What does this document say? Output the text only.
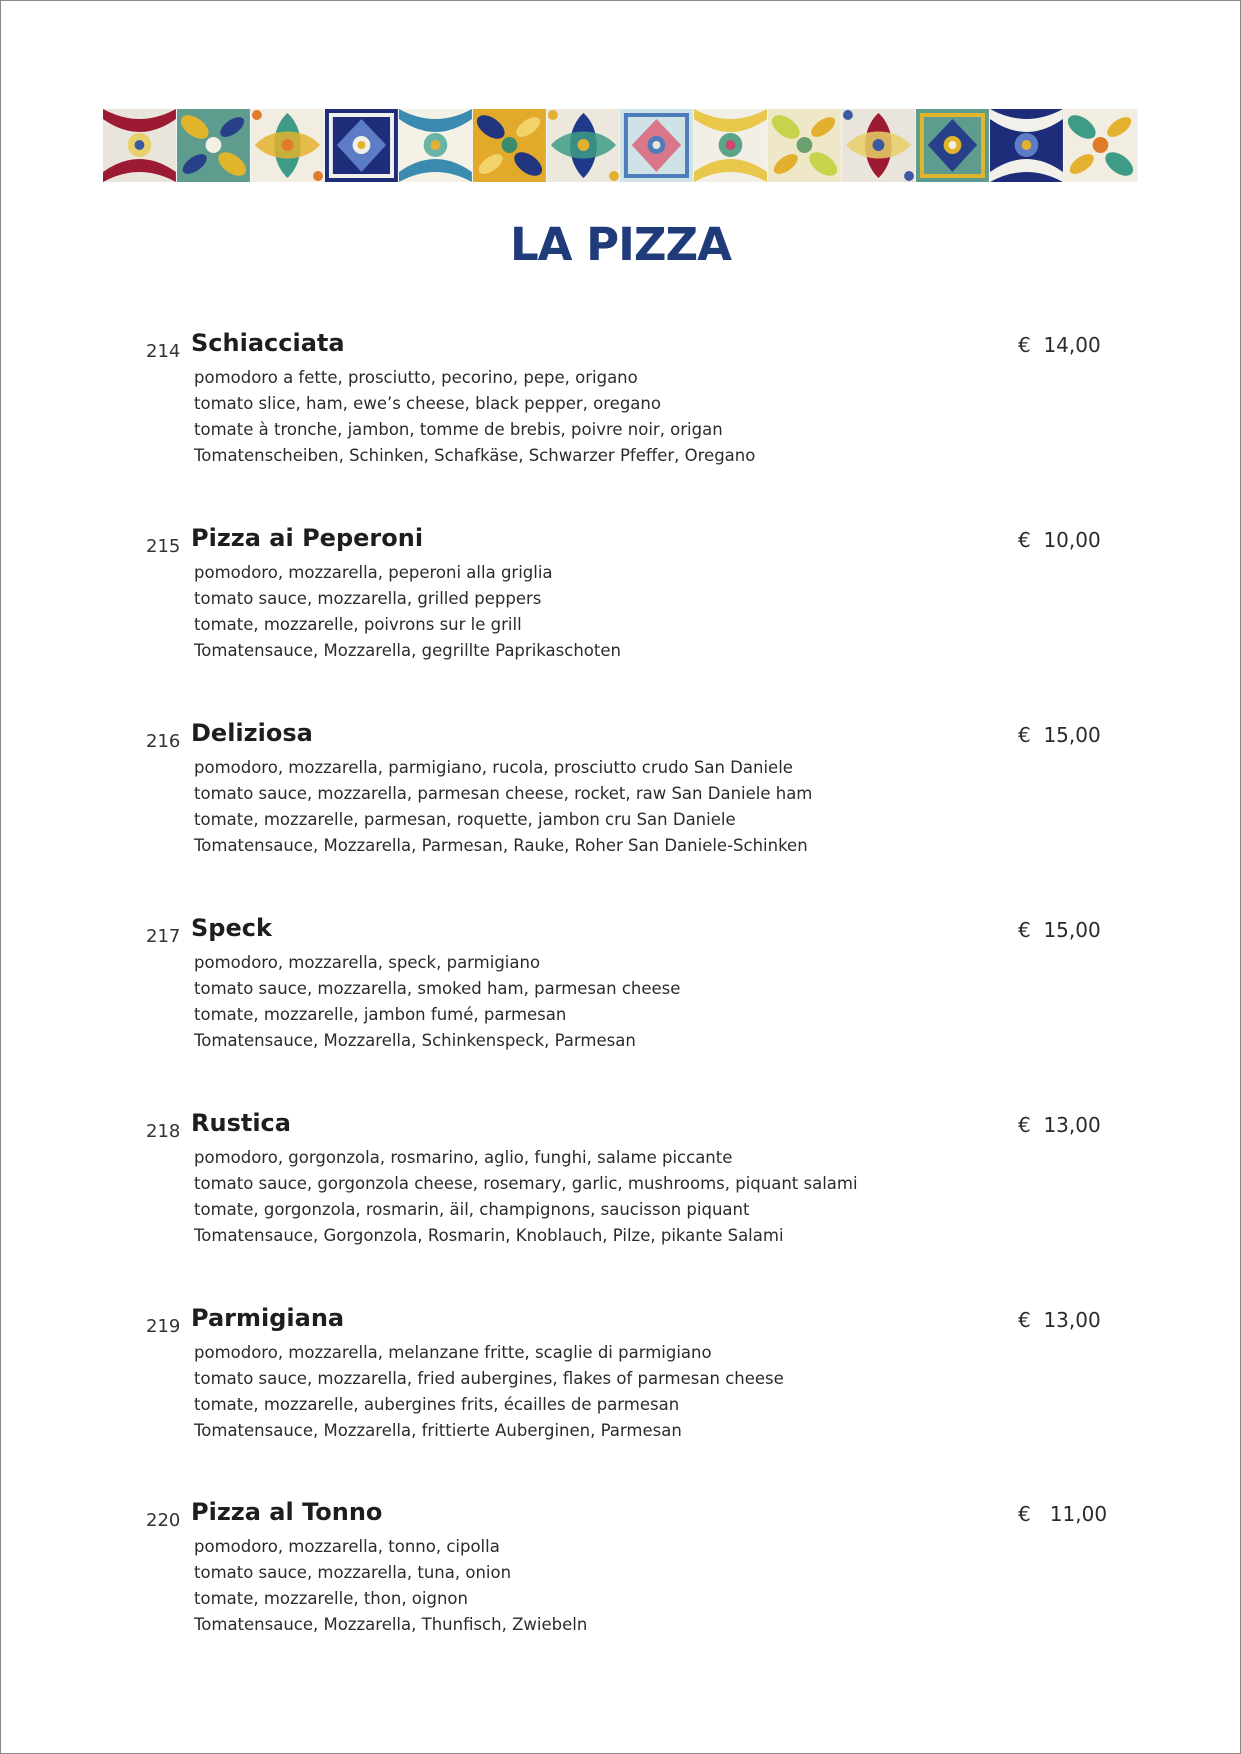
LA PIZZA
214 Schiacciata	€  14,00
pomodoro a fette, prosciutto, pecorino, pepe, origano
tomato slice, ham, ewe’s cheese, black pepper, oregano
tomate à tronche, jambon, tomme de brebis, poivre noir, origan
Tomatenscheiben, Schinken, Schafkäse, Schwarzer Pfeffer, Oregano
215 Pizza ai Peperoni	€  10,00
pomodoro, mozzarella, peperoni alla griglia
tomato sauce, mozzarella, grilled peppers
tomate, mozzarelle, poivrons sur le grill
Tomatensauce, Mozzarella, gegrillte Paprikaschoten
216 Deliziosa	€  15,00
pomodoro, mozzarella, parmigiano, rucola, prosciutto crudo San Daniele
tomato sauce, mozzarella, parmesan cheese, rocket, raw San Daniele ham
tomate, mozzarelle, parmesan, roquette, jambon cru San Daniele
Tomatensauce, Mozzarella, Parmesan, Rauke, Roher San Daniele-Schinken
217 Speck	€  15,00
pomodoro, mozzarella, speck, parmigiano
tomato sauce, mozzarella, smoked ham, parmesan cheese
tomate, mozzarelle, jambon fumé, parmesan
Tomatensauce, Mozzarella, Schinkenspeck, Parmesan
218 Rustica	€  13,00
pomodoro, gorgonzola, rosmarino, aglio, funghi, salame piccante
tomato sauce, gorgonzola cheese, rosemary, garlic, mushrooms, piquant salami
tomate, gorgonzola, rosmarin, äil, champignons, saucisson piquant
Tomatensauce, Gorgonzola, Rosmarin, Knoblauch, Pilze, pikante Salami
219 Parmigiana	€  13,00
pomodoro, mozzarella, melanzane fritte, scaglie di parmigiano
tomato sauce, mozzarella, fried aubergines, flakes of parmesan cheese
tomate, mozzarelle, aubergines frits, écailles de parmesan
Tomatensauce, Mozzarella, frittierte Auberginen, Parmesan
220 Pizza al Tonno	€   11,00
pomodoro, mozzarella, tonno, cipolla
tomato sauce, mozzarella, tuna, onion
tomate, mozzarelle, thon, oignon
Tomatensauce, Mozzarella, Thunfisch, Zwiebeln
